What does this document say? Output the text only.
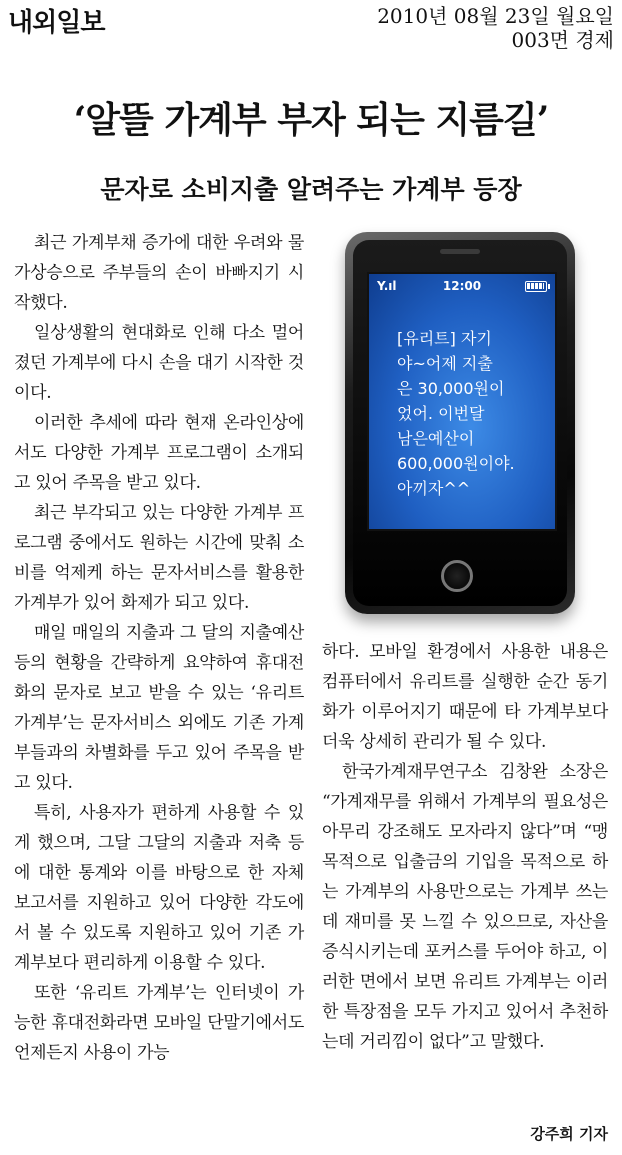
내외일보	2010년 08월 23일 월요일
003면 경제
‘알뜰 가계부 부자 되는 지름길’
문자로 소비지출 알려주는 가계부 등장

최근 가계부채 증가에 대한 우려와 물가상승으로 주부들의 손이 바빠지기 시작했다.

일상생활의 현대화로 인해 다소 멀어졌던 가계부에 다시 손을 대기 시작한 것이다.

이러한 추세에 따라 현재 온라인상에서도 다양한 가계부 프로그램이 소개되고 있어 주목을 받고 있다.

최근 부각되고 있는 다양한 가계부 프로그램 중에서도 원하는 시간에 맞춰 소비를 억제케 하는 문자서비스를 활용한 가계부가 있어 화제가 되고 있다.

매일 매일의 지출과 그 달의 지출예산 등의 현황을 간략하게 요약하여 휴대전화의 문자로 보고 받을 수 있는 ‘유리트 가계부’는 문자서비스 외에도 기존 가계부들과의 차별화를 두고 있어 주목을 받고 있다.

특히, 사용자가 편하게 사용할 수 있게 했으며, 그달 그달의 지출과 저축 등에 대한 통계와 이를 바탕으로 한 자체 보고서를 지원하고 있어 다양한 각도에서 볼 수 있도록 지원하고 있어 기존 가계부보다 편리하게 이용할 수 있다.

또한 ‘유리트 가계부’는 인터넷이 가능한 휴대전화라면 모바일 단말기에서도 언제든지 사용이 가능

Y.ıl	12:00
[유리트] 자기
야~어제 지출
은 30,000원이
었어. 이번달
남은예산이
600,000원이야.
아끼자^^

하다. 모바일 환경에서 사용한 내용은 컴퓨터에서 유리트를 실행한 순간 동기화가 이루어지기 때문에 타 가계부보다 더욱 상세히 관리가 될 수 있다.

한국가계재무연구소 김창완 소장은 “가계재무를 위해서 가계부의 필요성은 아무리 강조해도 모자라지 않다”며 “맹목적으로 입출금의 기입을 목적으로 하는 가계부의 사용만으로는 가계부 쓰는데 재미를 못 느낄 수 있으므로, 자산을 증식시키는데 포커스를 두어야 하고, 이러한 면에서 보면 유리트 가계부는 이러한 특장점을 모두 가지고 있어서 추천하는데 거리낌이 없다”고 말했다.

강주희 기자
